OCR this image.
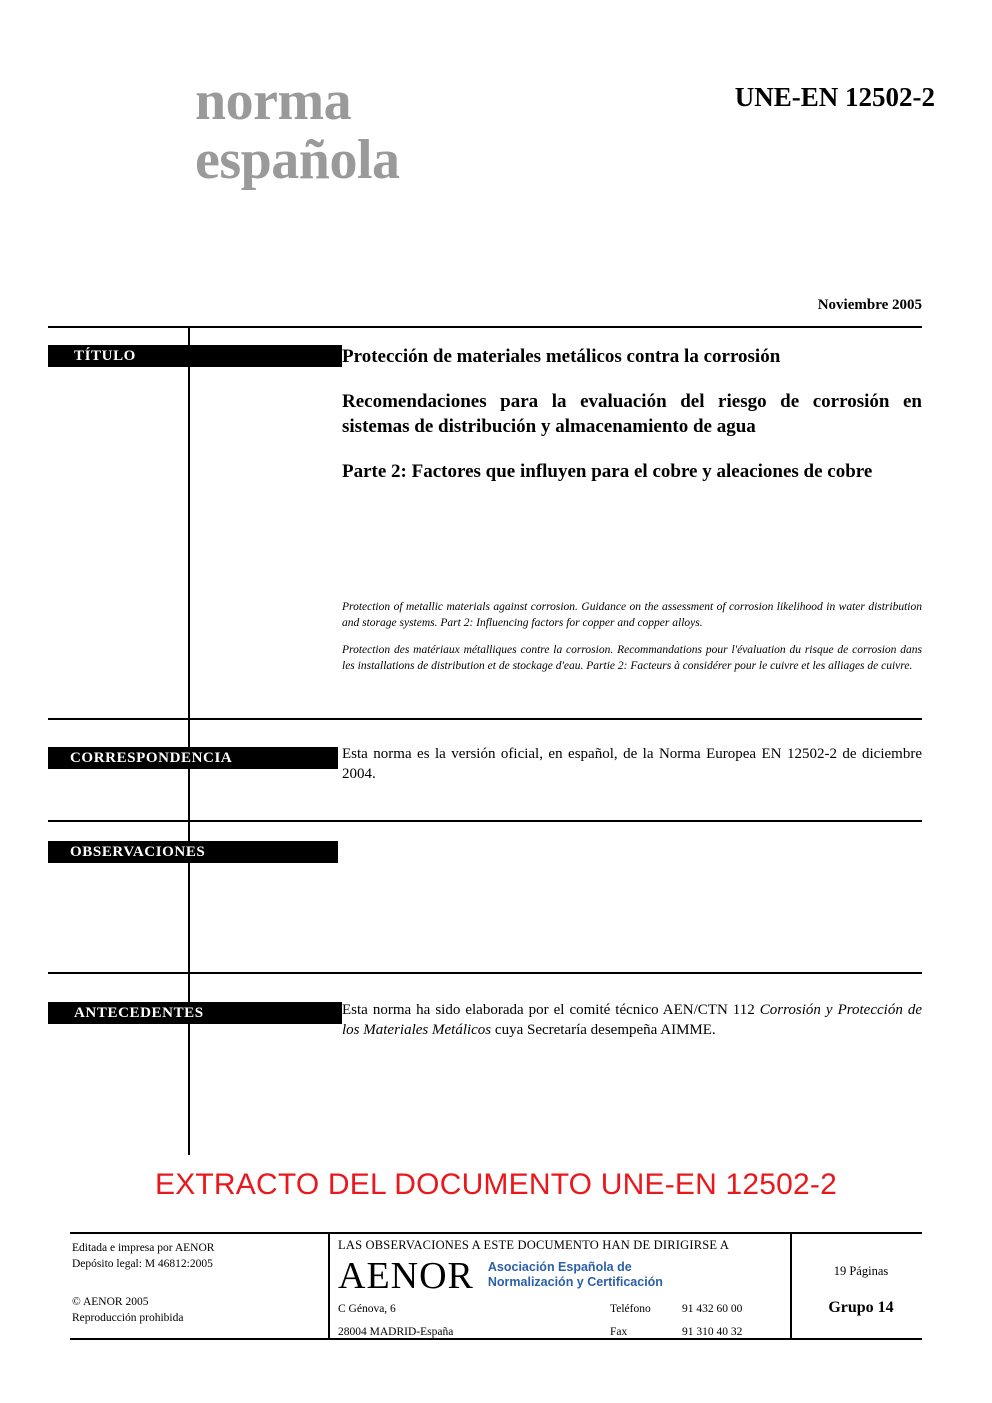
norma
española
UNE-EN 12502-2
Noviembre 2005
TÍTULO	Protección de materiales metálicos contra la corrosión
Recomendaciones para la evaluación del riesgo de corrosión en sistemas de distribución y almacenamiento de agua
Parte 2: Factores que influyen para el cobre y aleaciones de cobre
Protection of metallic materials against corrosion. Guidance on the assessment of corrosion likelihood in water distribution and storage systems. Part 2: Influencing factors for copper and copper alloys.
Protection des matériaux métalliques contre la corrosion. Recommandations pour l'évaluation du risque de corrosion dans les installations de distribution et de stockage d'eau. Partie 2: Facteurs à considérer pour le cuivre et les alliages de cuivre.
CORRESPONDENCIA	Esta norma es la versión oficial, en español, de la Norma Europea EN 12502-2 de diciembre 2004.
OBSERVACIONES
ANTECEDENTES	Esta norma ha sido elaborada por el comité técnico AEN/CTN 112 Corrosión y Protección de los Materiales Metálicos cuya Secretaría desempeña AIMME.
EXTRACTO DEL DOCUMENTO UNE-EN 12502-2
Editada e impresa por AENOR
Depósito legal: M 46812:2005
© AENOR 2005
Reproducción prohibida
LAS OBSERVACIONES A ESTE DOCUMENTO HAN DE DIRIGIRSE A
AENOR Asociación Española de
Normalización y Certificación
C Génova, 6	Teléfono	91 432 60 00
28004 MADRID-España	Fax	91 310 40 32
19 Páginas
Grupo 14
